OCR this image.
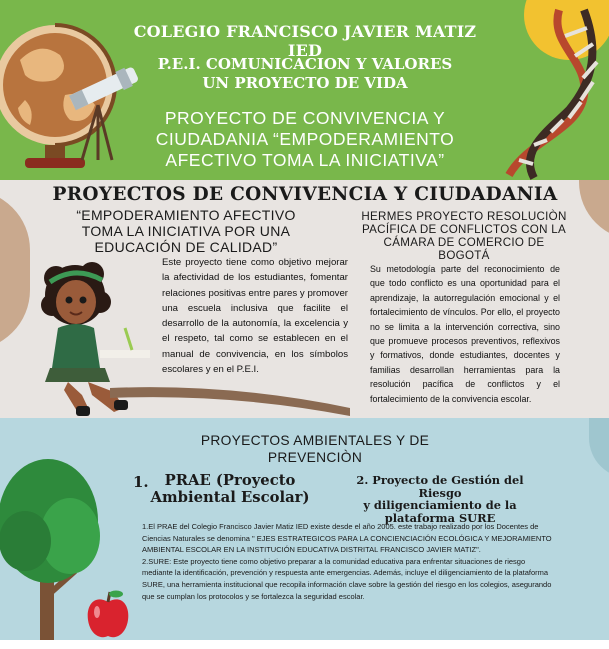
COLEGIO FRANCISCO JAVIER MATIZ IED
P.E.I. COMUNICACION Y VALORES
UN PROYECTO DE VIDA
PROYECTO DE CONVIVENCIA Y
CIUDADANIA “EMPODERAMIENTO
AFECTIVO TOMA LA INICIATIVA”
PROYECTOS DE CONVIVENCIA Y CIUDADANIA
“EMPODERAMIENTO AFECTIVO
TOMA LA INICIATIVA POR UNA
EDUCACIÓN DE CALIDAD”
Este proyecto tiene como objetivo mejorar la afectividad de los estudiantes, fomentar relaciones positivas entre pares y promover una escuela inclusiva que facilite el desarrollo de la autonomía, la excelencia y el respeto, tal como se establecen en el manual de convivencia, en los símbolos escolares y en el P.E.I.
HERMES PROYECTO RESOLUCIÒN
PACÍFICA DE CONFLICTOS CON LA
CÁMARA DE COMERCIO DE
BOGOTÁ
Su metodología parte del reconocimiento de que todo conflicto es una oportunidad para el aprendizaje, la autorregulación emocional y el fortalecimiento de vínculos. Por ello, el proyecto no se limita a la intervención correctiva, sino que promueve procesos preventivos, reflexivos y formativos, donde estudiantes, docentes y familias desarrollan herramientas para la resolución pacífica de conflictos y el fortalecimiento de la convivencia escolar.
PROYECTOS AMBIENTALES Y DE
PREVENCIÒN
1.	PRAE (Proyecto
Ambiental Escolar)
2. Proyecto de Gestión del Riesgo
y diligenciamiento de la
plataforma SURE
1.El PRAE del Colegio Francisco Javier Matiz IED existe desde el año 2005. este trabajo realizado por los Docentes de Ciencias Naturales se denomina " EJES ESTRATEGICOS PARA LA CONCIENCIACIÓN ECOLÓGICA Y MEJORAMIENTO AMBIENTAL ESCOLAR EN LA INSTITUCIÓN EDUCATIVA DISTRITAL FRANCISCO JAVIER MATIZ".
2.SURE: Este proyecto tiene como objetivo preparar a la comunidad educativa para enfrentar situaciones de riesgo mediante la identificación, prevención y respuesta ante emergencias. Además, incluye el diligenciamiento de la plataforma SURE, una herramienta institucional que recopila información clave sobre la gestión del riesgo en los colegios, asegurando que se cumplan los protocolos y se fortalezca la seguridad escolar.
